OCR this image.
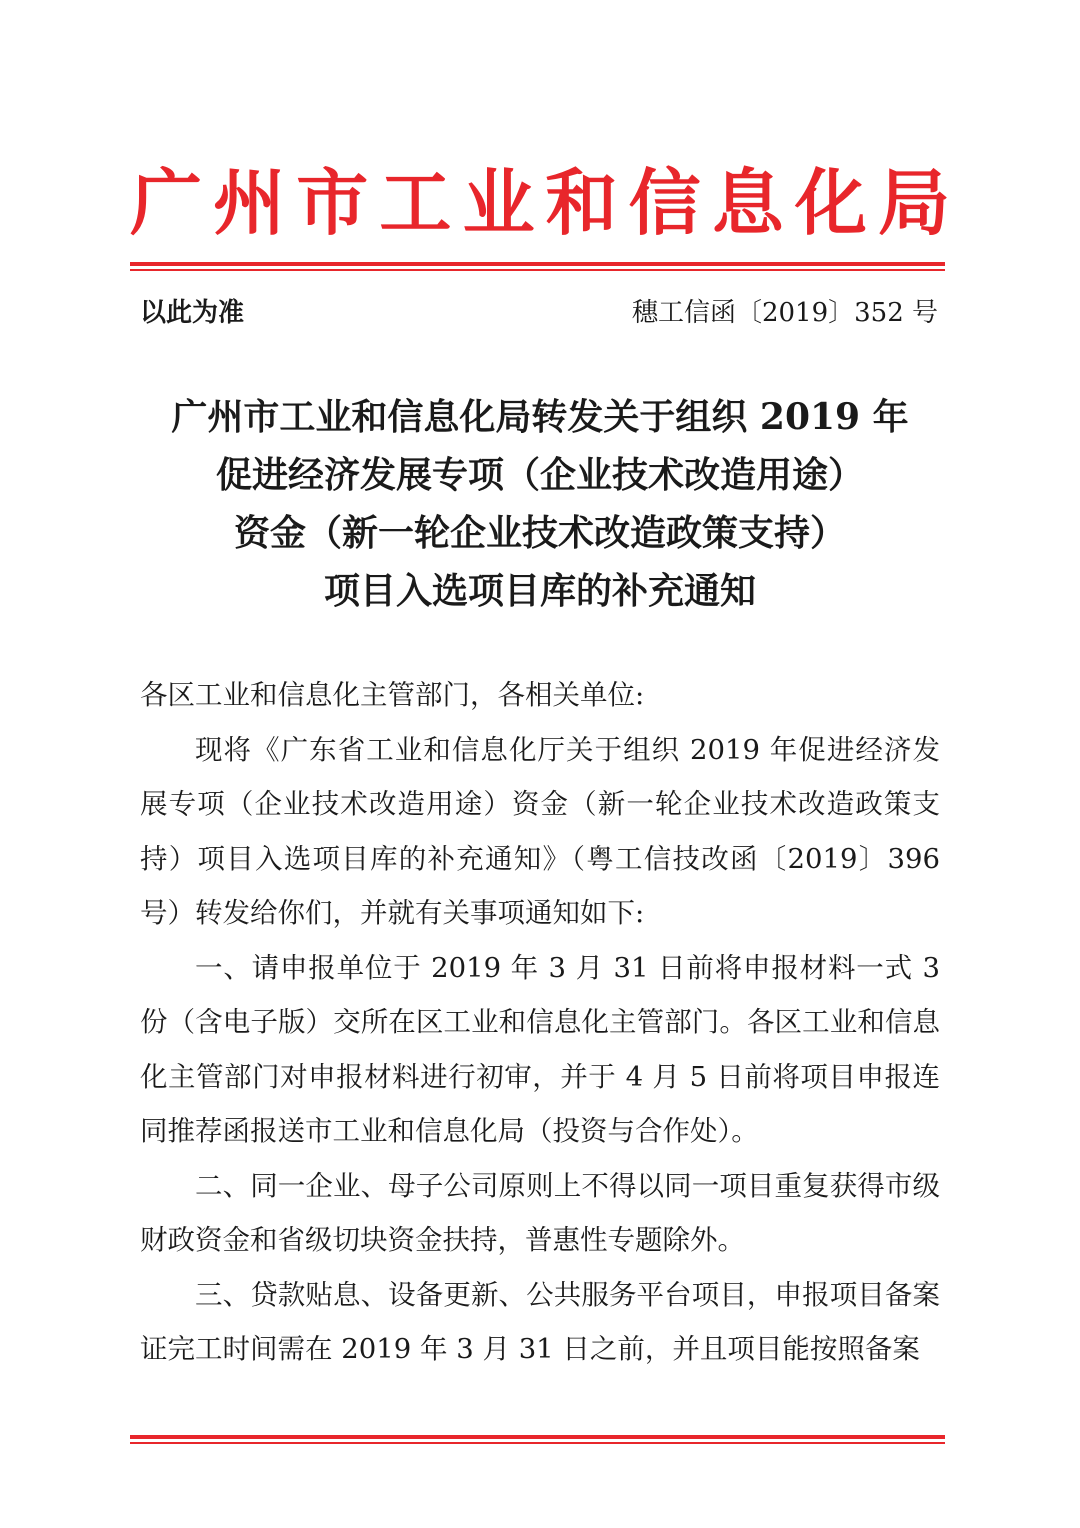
广 州 市 工 业 和 信 息 化 局
以此为准	穗工信函〔2019〕352 号
广州市工业和信息化局转发关于组织 2019 年
促进经济发展专项（企业技术改造用途）
资金（新一轮企业技术改造政策支持）
项目入选项目库的补充通知

各区工业和信息化主管部门，各相关单位:

现将《广东省工业和信息化厅关于组织 2019 年促进经济发展专项（企业技术改造用途）资金（新一轮企业技术改造政策支持）项目入选项目库的补充通知》（粤工信技改函〔2019〕396 号）转发给你们，并就有关事项通知如下:

一、请申报单位于 2019 年 3 月 31 日前将申报材料一式 3 份（含电子版）交所在区工业和信息化主管部门。各区工业和信息化主管部门对申报材料进行初审，并于 4 月 5 日前将项目申报连同推荐函报送市工业和信息化局（投资与合作处）。

二、同一企业、母子公司原则上不得以同一项目重复获得市级财政资金和省级切块资金扶持，普惠性专题除外。

三、贷款贴息、设备更新、公共服务平台项目，申报项目备案证完工时间需在 2019 年 3 月 31 日之前，并且项目能按照备案
